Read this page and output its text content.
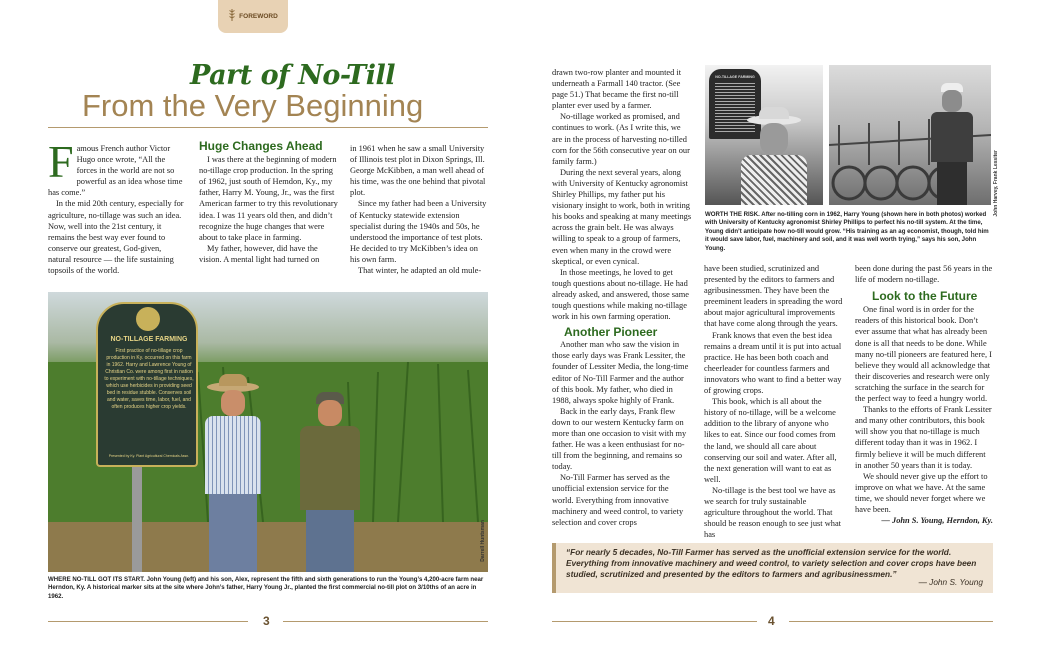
FOREWORD
Part of No-Till
From the Very Beginning

Famous French author Victor Hugo once wrote, “All the forces in the world are not so powerful as an idea whose time has come.”

In the mid 20th century, especially for agriculture, no-tillage was such an idea. Now, well into the 21st century, it remains the best way ever found to conserve our greatest, God-given, natural resource — the life sustaining topsoils of the world.

Huge Changes Ahead

I was there at the beginning of modern no-tillage crop production. In the spring of 1962, just south of Hemdon, Ky., my father, Harry M. Young, Jr., was the first American farmer to try this revolutionary idea. I was 11 years old then, and didn’t recognize the huge changes that were about to take place in farming.

My father, however, did have the vision. A mental light had turned on

in 1961 when he saw a small University of Illinois test plot in Dixon Springs, Ill. George McKibben, a man well ahead of his time, was the one behind that pivotal plot.

Since my father had been a University of Kentucky statewide extension specialist during the 1940s and 50s, he understood the importance of test plots. He decided to try McKibben’s idea on his own farm.

That winter, he adapted an old mule-

NO-TILLAGE FARMING
First practice of no-tillage crop production in Ky. occurred on this farm in 1962. Harry and Lawrence Young of Christian Co. were among first in nation to experiment with no-tillage techniques, which use herbicides in providing seed bed in residue stubble. Conserves soil and water, saves time, labor, fuel, and often produces higher crop yields.
Presented by Ky. Plant Agricultural Chemicals Assn.
Darrell Huntsman
WHERE NO-TILL GOT ITS START. John Young (left) and his son, Alex, represent the fifth and sixth generations to run the Young’s 4,200-acre farm near Herndon, Ky. A historical marker sits at the site where John’s father, Harry Young Jr., planted the first commercial no-till plot on 3/10ths of an acre in 1962.
3

drawn two-row planter and mounted it underneath a Farmall 140 tractor. (See page 51.) That became the first no-till planter ever used by a farmer.

No-tillage worked as promised, and continues to work. (As I write this, we are in the process of harvesting no-tilled corn for the 56th consecutive year on our family farm.)

During the next several years, along with University of Kentucky agronomist Shirley Phillips, my father put his visionary insight to work, both in writing his books and speaking at many meetings across the grain belt. He was always willing to speak to a group of farmers, even when many in the crowd were skeptical, or even cynical.

In those meetings, he loved to get tough questions about no-tillage. He had already asked, and answered, those same tough questions while making no-tillage work in his own farming operation.

Another Pioneer

Another man who saw the vision in those early days was Frank Lessiter, the founder of Lessiter Media, the long-time editor of No-Till Farmer and the author of this book. My father, who died in 1988, always spoke highly of Frank.

Back in the early days, Frank flew down to our western Kentucky farm on more than one occasion to visit with my father. He was a keen enthusiast for no-till from the beginning, and remains so today.

No-Till Farmer has served as the unofficial extension service for the world. Everything from innovative machinery and weed control, to variety selection and cover crops

NO-TILLAGE FARMING
John Harvey, Frank Lessiter
WORTH THE RISK. After no-tilling corn in 1962, Harry Young (shown here in both photos) worked with University of Kentucky agronomist Shirley Phillips to perfect his no-till system. At the time, Young didn’t anticipate how no-till would grow. “His training as an ag economist, though, told him it would save labor, fuel, machinery and soil, and it was well worth trying,” says his son, John Young.

have been studied, scrutinized and presented by the editors to farmers and agribusinessmen. They have been the preeminent leaders in spreading the word about major agricultural improvements that have come along through the years.

Frank knows that even the best idea remains a dream until it is put into actual practice. He has been both coach and cheerleader for countless farmers and innovators who want to find a better way of growing crops.

This book, which is all about the history of no-tillage, will be a welcome addition to the library of anyone who likes to eat. Since our food comes from the land, we should all care about conserving our soil and water. After all, the next generation will want to eat as well.

No-tillage is the best tool we have as we search for truly sustainable agriculture throughout the world. That should be reason enough to see just what has

been done during the past 56 years in the life of modern no-tillage.

Look to the Future

One final word is in order for the readers of this historical book. Don’t ever assume that what has already been done is all that needs to be done. While many no-till pioneers are featured here, I believe they would all acknowledge that their discoveries and research were only scratching the surface in the search for the perfect way to feed a hungry world.

Thanks to the efforts of Frank Lessiter and many other contributors, this book will show you that no-tillage is much different today than it was in 1962. I firmly believe it will be much different in another 50 years than it is today.

We should never give up the effort to improve on what we have. At the same time, we should never forget where we have been.

— John S. Young, Herndon, Ky.

“For nearly 5 decades, No-Till Farmer has served as the unofficial extension service for the world. Everything from innovative machinery and weed control, to variety selection and cover crops have been studied, scrutinized and presented by the editors to farmers and agribusinessmen.”
— John S. Young
4
